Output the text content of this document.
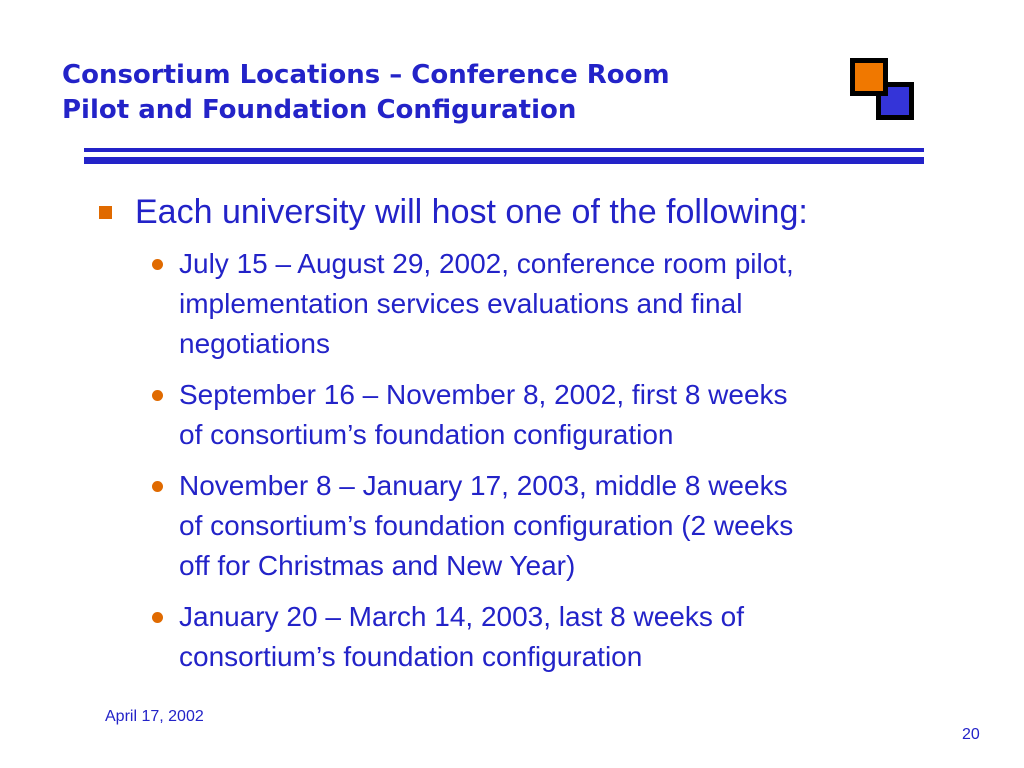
Consortium Locations – Conference Room
Pilot and Foundation Configuration
Each university will host one of the following:
July 15 – August 29, 2002, conference room pilot,
implementation services evaluations and final
negotiations
September 16 – November 8, 2002, first 8 weeks
of consortium’s foundation configuration
November 8 – January 17, 2003, middle 8 weeks
of consortium’s foundation configuration (2 weeks
off for Christmas and New Year)
January 20 – March 14, 2003, last 8 weeks of
consortium’s foundation configuration
April 17, 2002
20
